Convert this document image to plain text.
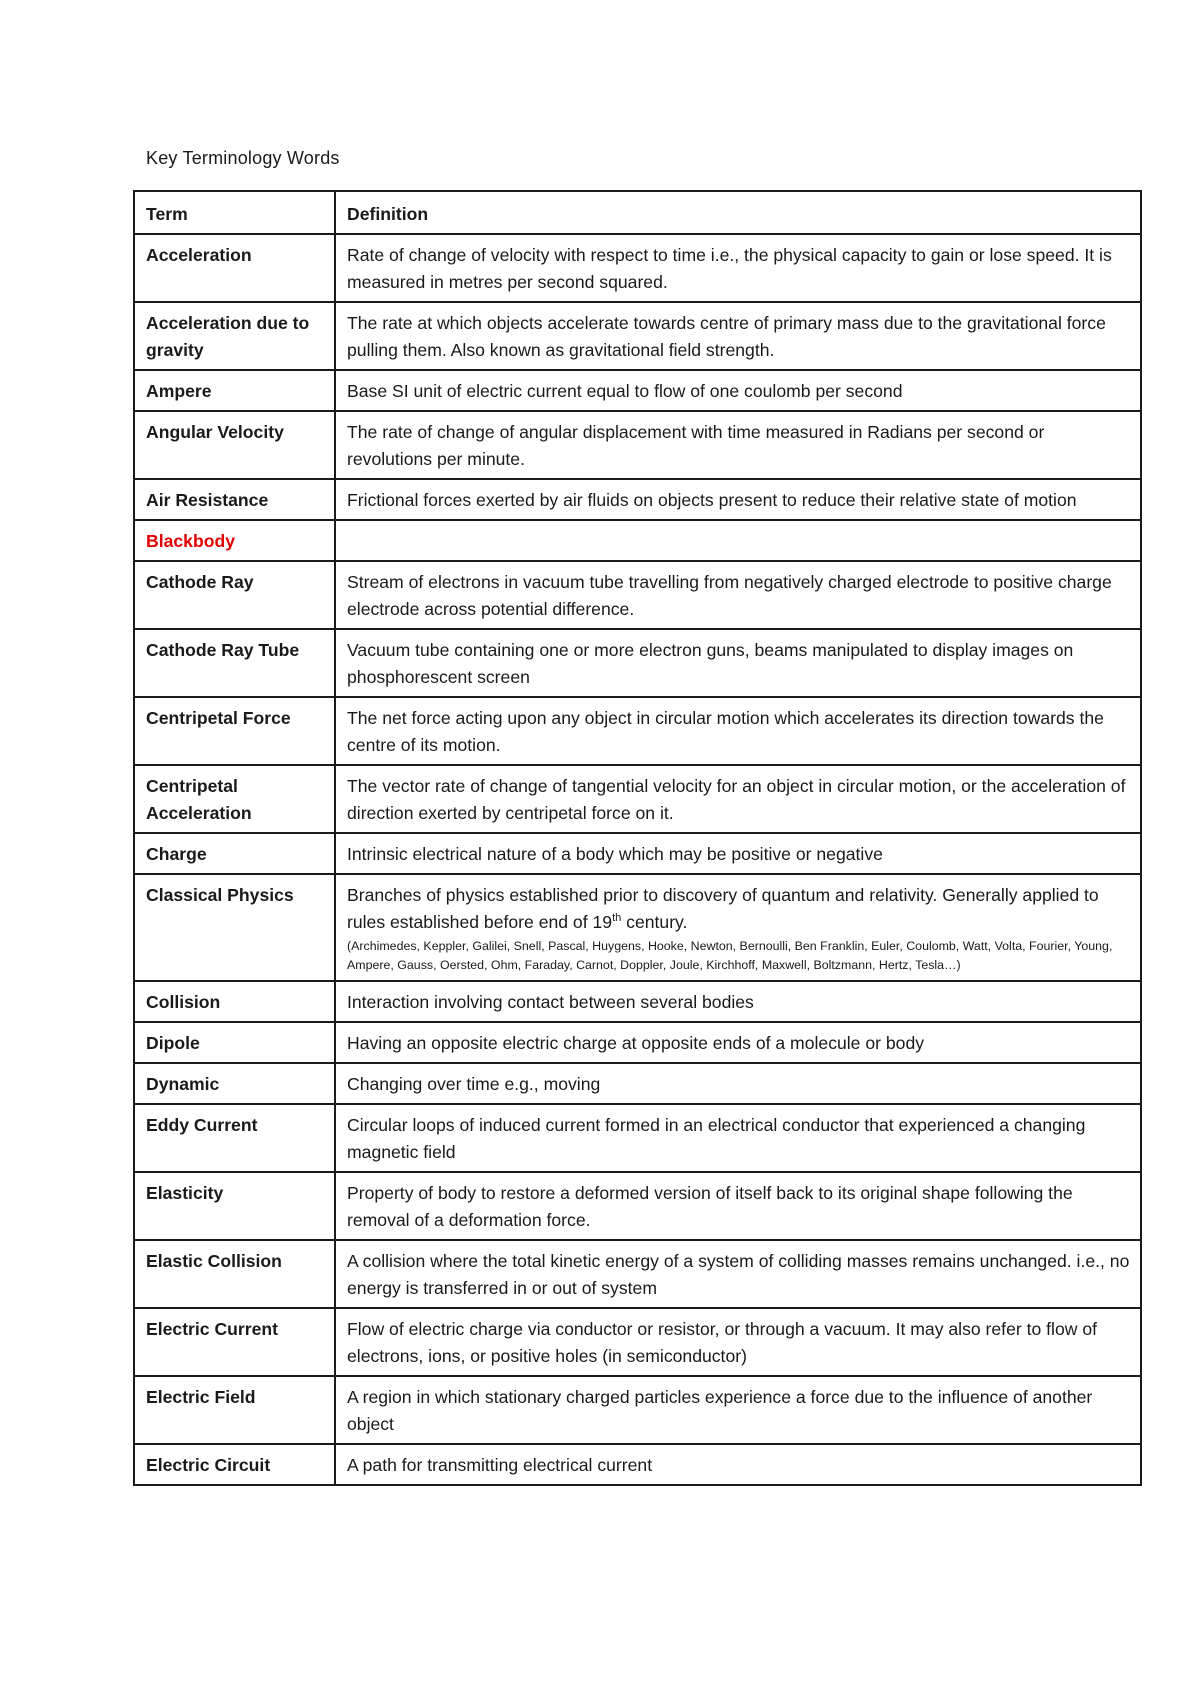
Key Terminology Words
Term	Definition
Acceleration	Rate of change of velocity with respect to time i.e., the physical capacity to gain or lose speed. It is measured in metres per second squared.
Acceleration due to gravity	The rate at which objects accelerate towards centre of primary mass due to the gravitational force pulling them. Also known as gravitational field strength.
Ampere	Base SI unit of electric current equal to flow of one coulomb per second
Angular Velocity	The rate of change of angular displacement with time measured in Radians per second or revolutions per minute.
Air Resistance	Frictional forces exerted by air fluids on objects present to reduce their relative state of motion
Blackbody	
Cathode Ray	Stream of electrons in vacuum tube travelling from negatively charged electrode to positive charge electrode across potential difference.
Cathode Ray Tube	Vacuum tube containing one or more electron guns, beams manipulated to display images on phosphorescent screen
Centripetal Force	The net force acting upon any object in circular motion which accelerates its direction towards the centre of its motion.
Centripetal Acceleration	The vector rate of change of tangential velocity for an object in circular motion, or the acceleration of direction exerted by centripetal force on it.
Charge	Intrinsic electrical nature of a body which may be positive or negative
Classical Physics	Branches of physics established prior to discovery of quantum and relativity. Generally applied to rules established before end of 19th century.
(Archimedes, Keppler, Galilei, Snell, Pascal, Huygens, Hooke, Newton, Bernoulli, Ben Franklin, Euler, Coulomb, Watt, Volta, Fourier, Young, Ampere, Gauss, Oersted, Ohm, Faraday, Carnot, Doppler, Joule, Kirchhoff, Maxwell, Boltzmann, Hertz, Tesla…)

Collision	Interaction involving contact between several bodies
Dipole	Having an opposite electric charge at opposite ends of a molecule or body
Dynamic	Changing over time e.g., moving
Eddy Current	Circular loops of induced current formed in an electrical conductor that experienced a changing magnetic field
Elasticity	Property of body to restore a deformed version of itself back to its original shape following the removal of a deformation force.
Elastic Collision	A collision where the total kinetic energy of a system of colliding masses remains unchanged. i.e., no energy is transferred in or out of system
Electric Current	Flow of electric charge via conductor or resistor, or through a vacuum. It may also refer to flow of electrons, ions, or positive holes (in semiconductor)
Electric Field	A region in which stationary charged particles experience a force due to the influence of another object
Electric Circuit	A path for transmitting electrical current
